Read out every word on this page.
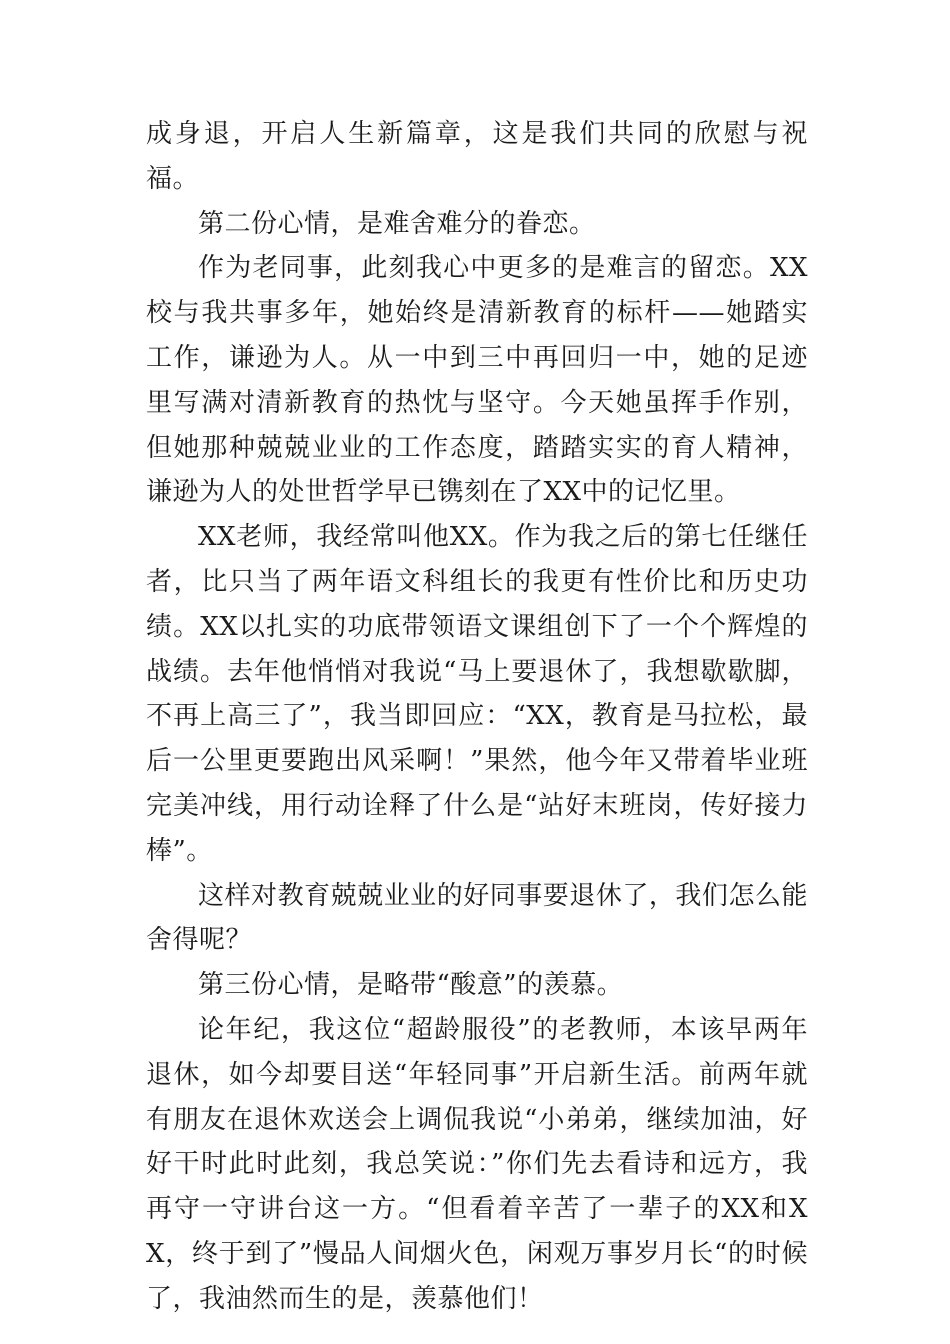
成身退，开启人生新篇章，这是我们共同的欣慰与祝福。

第二份心情，是难舍难分的眷恋。

作为老同事，此刻我心中更多的是难言的留恋。XX校与我共事多年，她始终是清新教育的标杆——她踏实工作，谦逊为人。从一中到三中再回归一中，她的足迹里写满对清新教育的热忱与坚守。今天她虽挥手作别，但她那种兢兢业业的工作态度，踏踏实实的育人精神，谦逊为人的处世哲学早已镌刻在了XX中的记忆里。

XX老师，我经常叫他XX。作为我之后的第七任继任者，比只当了两年语文科组长的我更有性价比和历史功绩。XX以扎实的功底带领语文课组创下了一个个辉煌的战绩。去年他悄悄对我说“马上要退休了，我想歇歇脚，不再上高三了”，我当即回应：“XX，教育是马拉松，最后一公里更要跑出风采啊！”果然，他今年又带着毕业班完美冲线，用行动诠释了什么是“站好末班岗，传好接力棒”。

这样对教育兢兢业业的好同事要退休了，我们怎么能舍得呢？

第三份心情，是略带“酸意”的羡慕。

论年纪，我这位“超龄服役”的老教师，本该早两年退休，如今却要目送“年轻同事”开启新生活。前两年就有朋友在退休欢送会上调侃我说“小弟弟，继续加油，好好干时此时此刻，我总笑说：”你们先去看诗和远方，我再守一守讲台这一方。“但看着辛苦了一辈子的XX和XX，终于到了”慢品人间烟火色，闲观万事岁月长“的时候了，我油然而生的是，羡慕他们！
